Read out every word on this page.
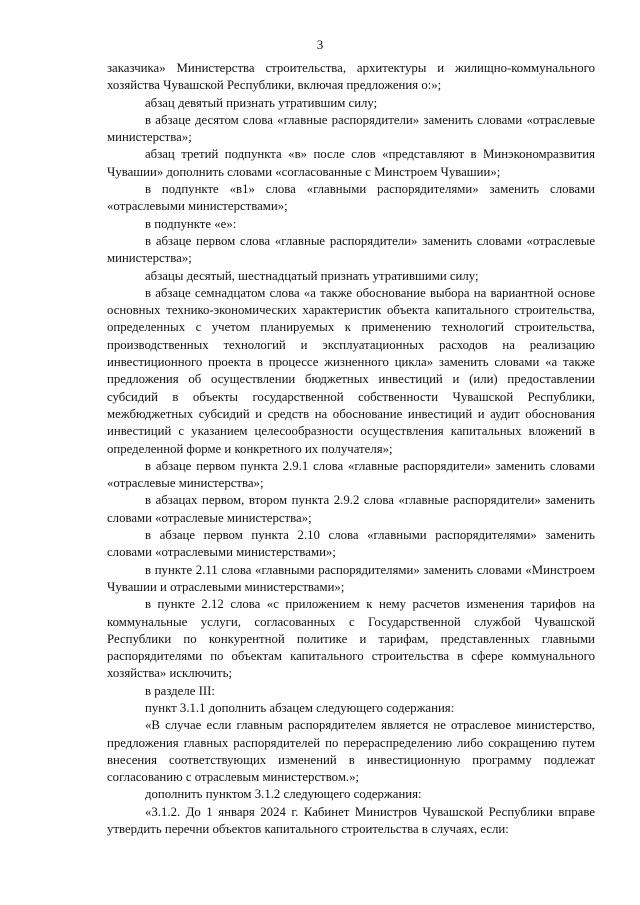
3

заказчика» Министерства строительства, архитектуры и жилищно-коммунального хозяйства Чувашской Республики, включая предложения о:»;

абзац девятый признать утратившим силу;

в абзаце десятом слова «главные распорядители» заменить словами «отраслевые министерства»;

абзац третий подпункта «в» после слов «представляют в Минэкономразвития Чувашии» дополнить словами «согласованные с Минстроем Чувашии»;

в подпункте «в1» слова «главными распорядителями» заменить словами «отраслевыми министерствами»;

в подпункте «е»:

в абзаце первом слова «главные распорядители» заменить словами «отраслевые министерства»;

абзацы десятый, шестнадцатый признать утратившими силу;

в абзаце семнадцатом слова «а также обоснование выбора на вариантной основе основных технико-экономических характеристик объекта капитального строительства, определенных с учетом планируемых к применению технологий строительства, производственных технологий и эксплуатационных расходов на реализацию инвестиционного проекта в процессе жизненного цикла» заменить словами «а также предложения об осуществлении бюджетных инвестиций и (или) предоставлении субсидий в объекты государственной собственности Чувашской Республики, межбюджетных субсидий и средств на обоснование инвестиций и аудит обоснования инвестиций с указанием целесообразности осуществления капитальных вложений в определенной форме и конкретного их получателя»;

в абзаце первом пункта 2.9.1 слова «главные распорядители» заменить словами «отраслевые министерства»;

в абзацах первом, втором пункта 2.9.2 слова «главные распорядители» заменить словами «отраслевые министерства»;

в абзаце первом пункта 2.10 слова «главными распорядителями» заменить словами «отраслевыми министерствами»;

в пункте 2.11 слова «главными распорядителями» заменить словами «Минстроем Чувашии и отраслевыми министерствами»;

в пункте 2.12 слова «с приложением к нему расчетов изменения тарифов на коммунальные услуги, согласованных с Государственной службой Чувашской Республики по конкурентной политике и тарифам, представленных главными распорядителями по объектам капитального строительства в сфере коммунального хозяйства» исключить;

в разделе III:

пункт 3.1.1 дополнить абзацем следующего содержания:

«В случае если главным распорядителем является не отраслевое министерство, предложения главных распорядителей по перераспределению либо сокращению путем внесения соответствующих изменений в инвестиционную программу подлежат согласованию с отраслевым министерством.»;

дополнить пунктом 3.1.2 следующего содержания:

«3.1.2. До 1 января 2024 г. Кабинет Министров Чувашской Республики вправе утвердить перечни объектов капитального строительства в случаях, если:
